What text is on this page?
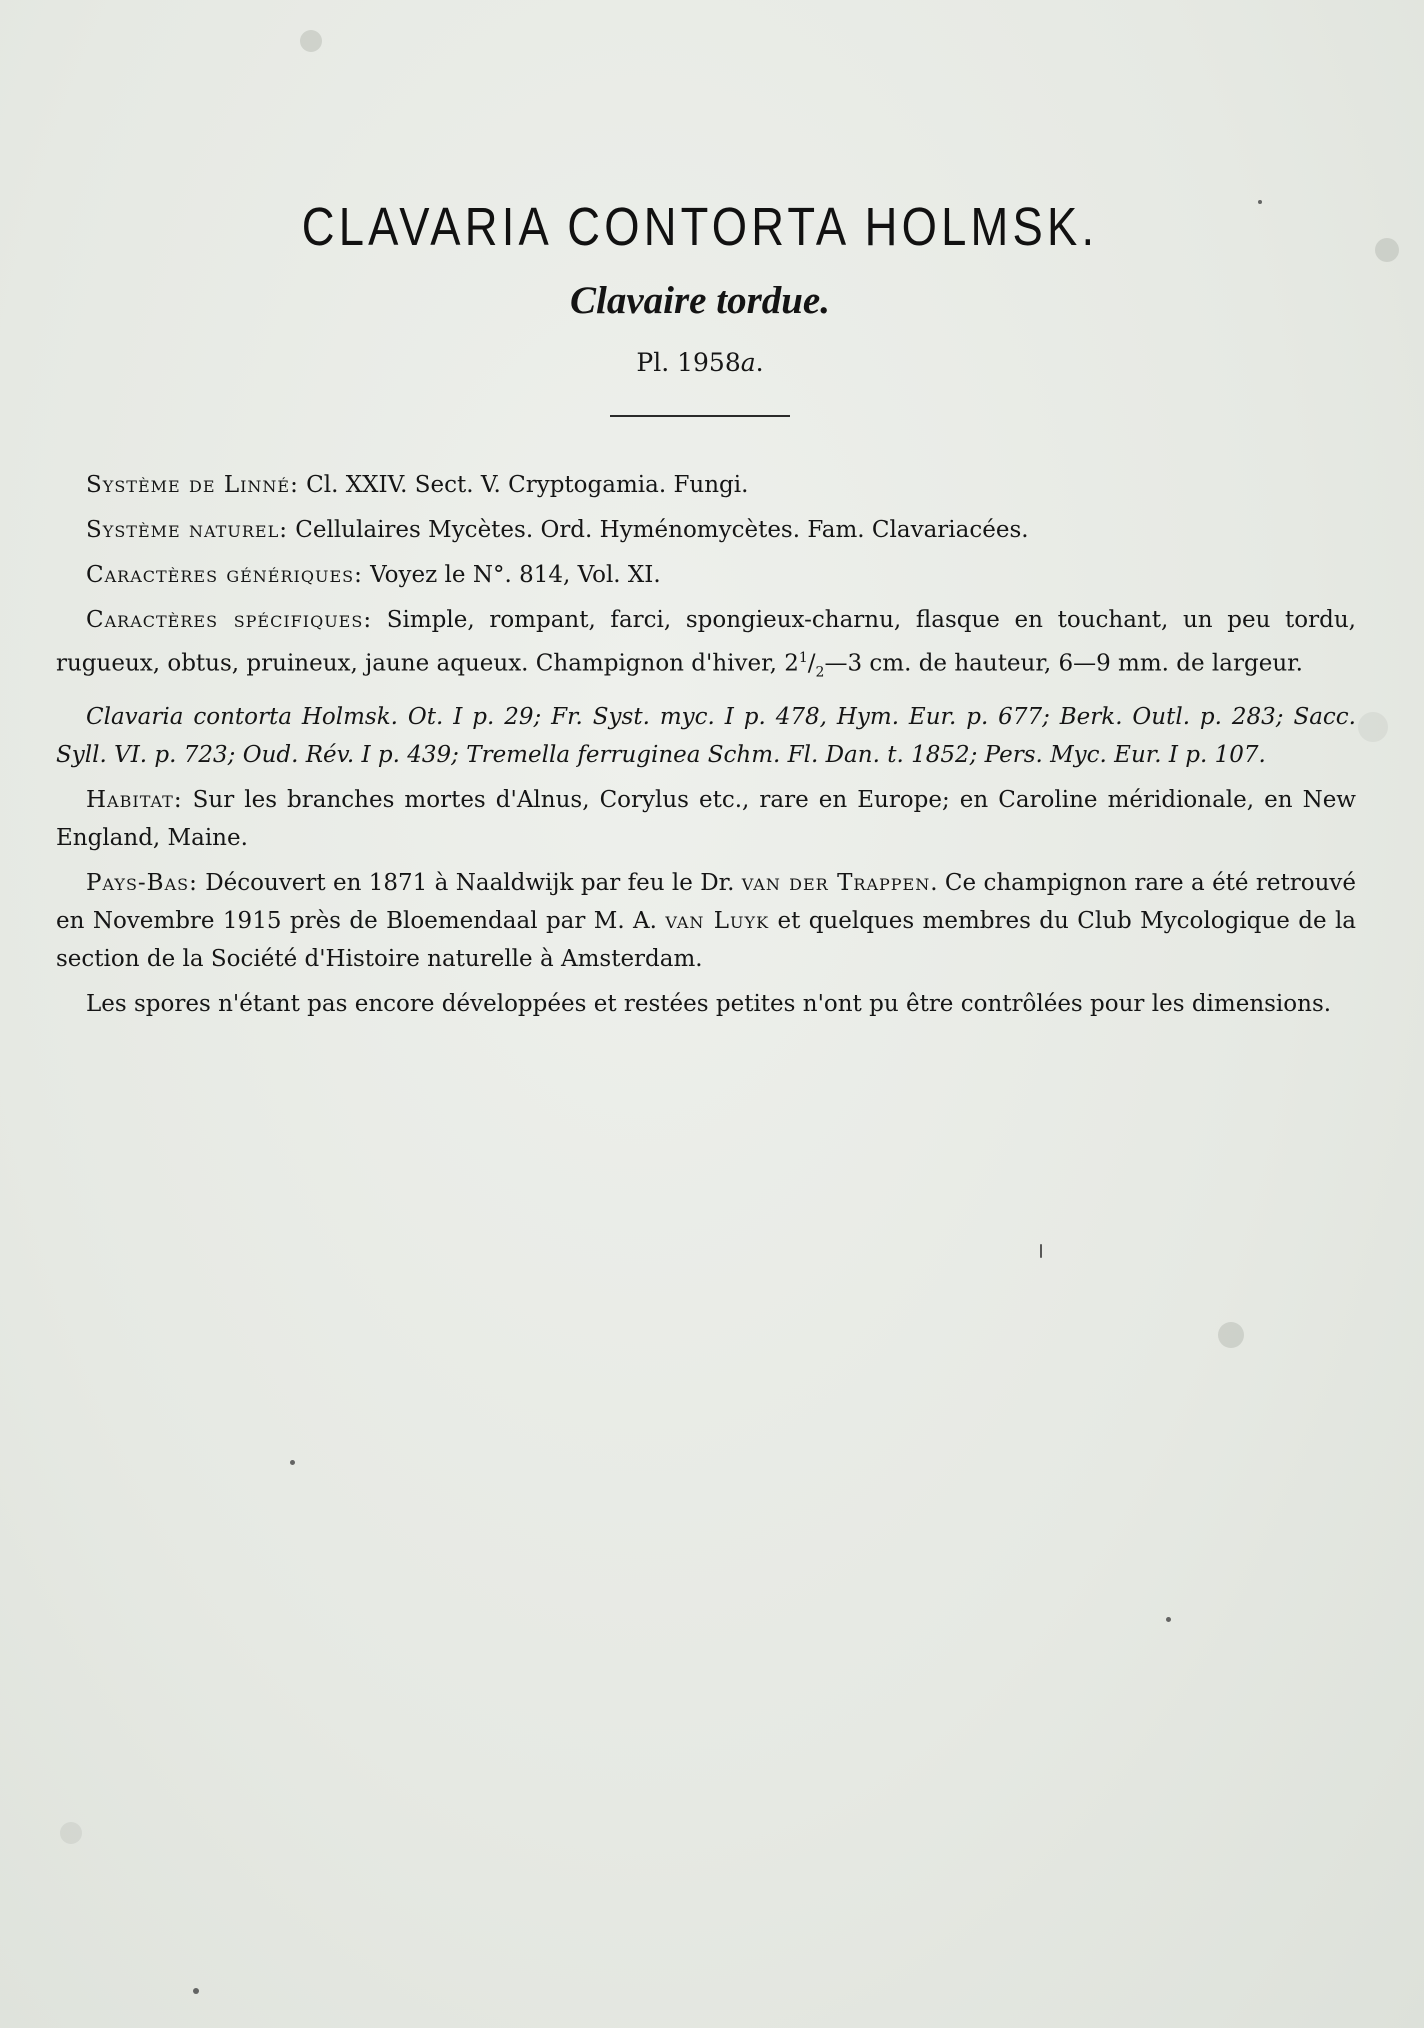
CLAVARIA CONTORTA HOLMSK.
Clavaire tordue.
Pl. 1958a.

Système de Linné: Cl. XXIV. Sect. V. Cryptogamia. Fungi.

Système naturel: Cellulaires Mycètes. Ord. Hyménomycètes. Fam. Clavariacées.

Caractères génériques: Voyez le N°. 814, Vol. XI.

Caractères spécifiques: Simple, rompant, farci, spongieux-charnu, flasque en touchant, un peu tordu, rugueux, obtus, pruineux, jaune aqueux. Champignon d'hiver, $2^1/_2—3$ cm. de hauteur, 6—9 mm. de largeur.

Clavaria contorta Holmsk. Ot. I p. 29; Fr. Syst. myc. I p. 478, Hym. Eur. p. 677; Berk. Outl. p. 283; Sacc. Syll. VI. p. 723; Oud. Rév. I p. 439; Tremella ferruginea Schm. Fl. Dan. t. 1852; Pers. Myc. Eur. I p. 107.

Habitat: Sur les branches mortes d'Alnus, Corylus etc., rare en Europe; en Caroline méridionale, en New England, Maine.

Pays-Bas: Découvert en 1871 à Naaldwijk par feu le Dr. van der Trappen. Ce champignon rare a été retrouvé en Novembre 1915 près de Bloemendaal par M. A. van Luyk et quelques membres du Club Mycologique de la section de la Société d'Histoire naturelle à Amsterdam.

Les spores n'étant pas encore développées et restées petites n'ont pu être contrôlées pour les dimensions.
